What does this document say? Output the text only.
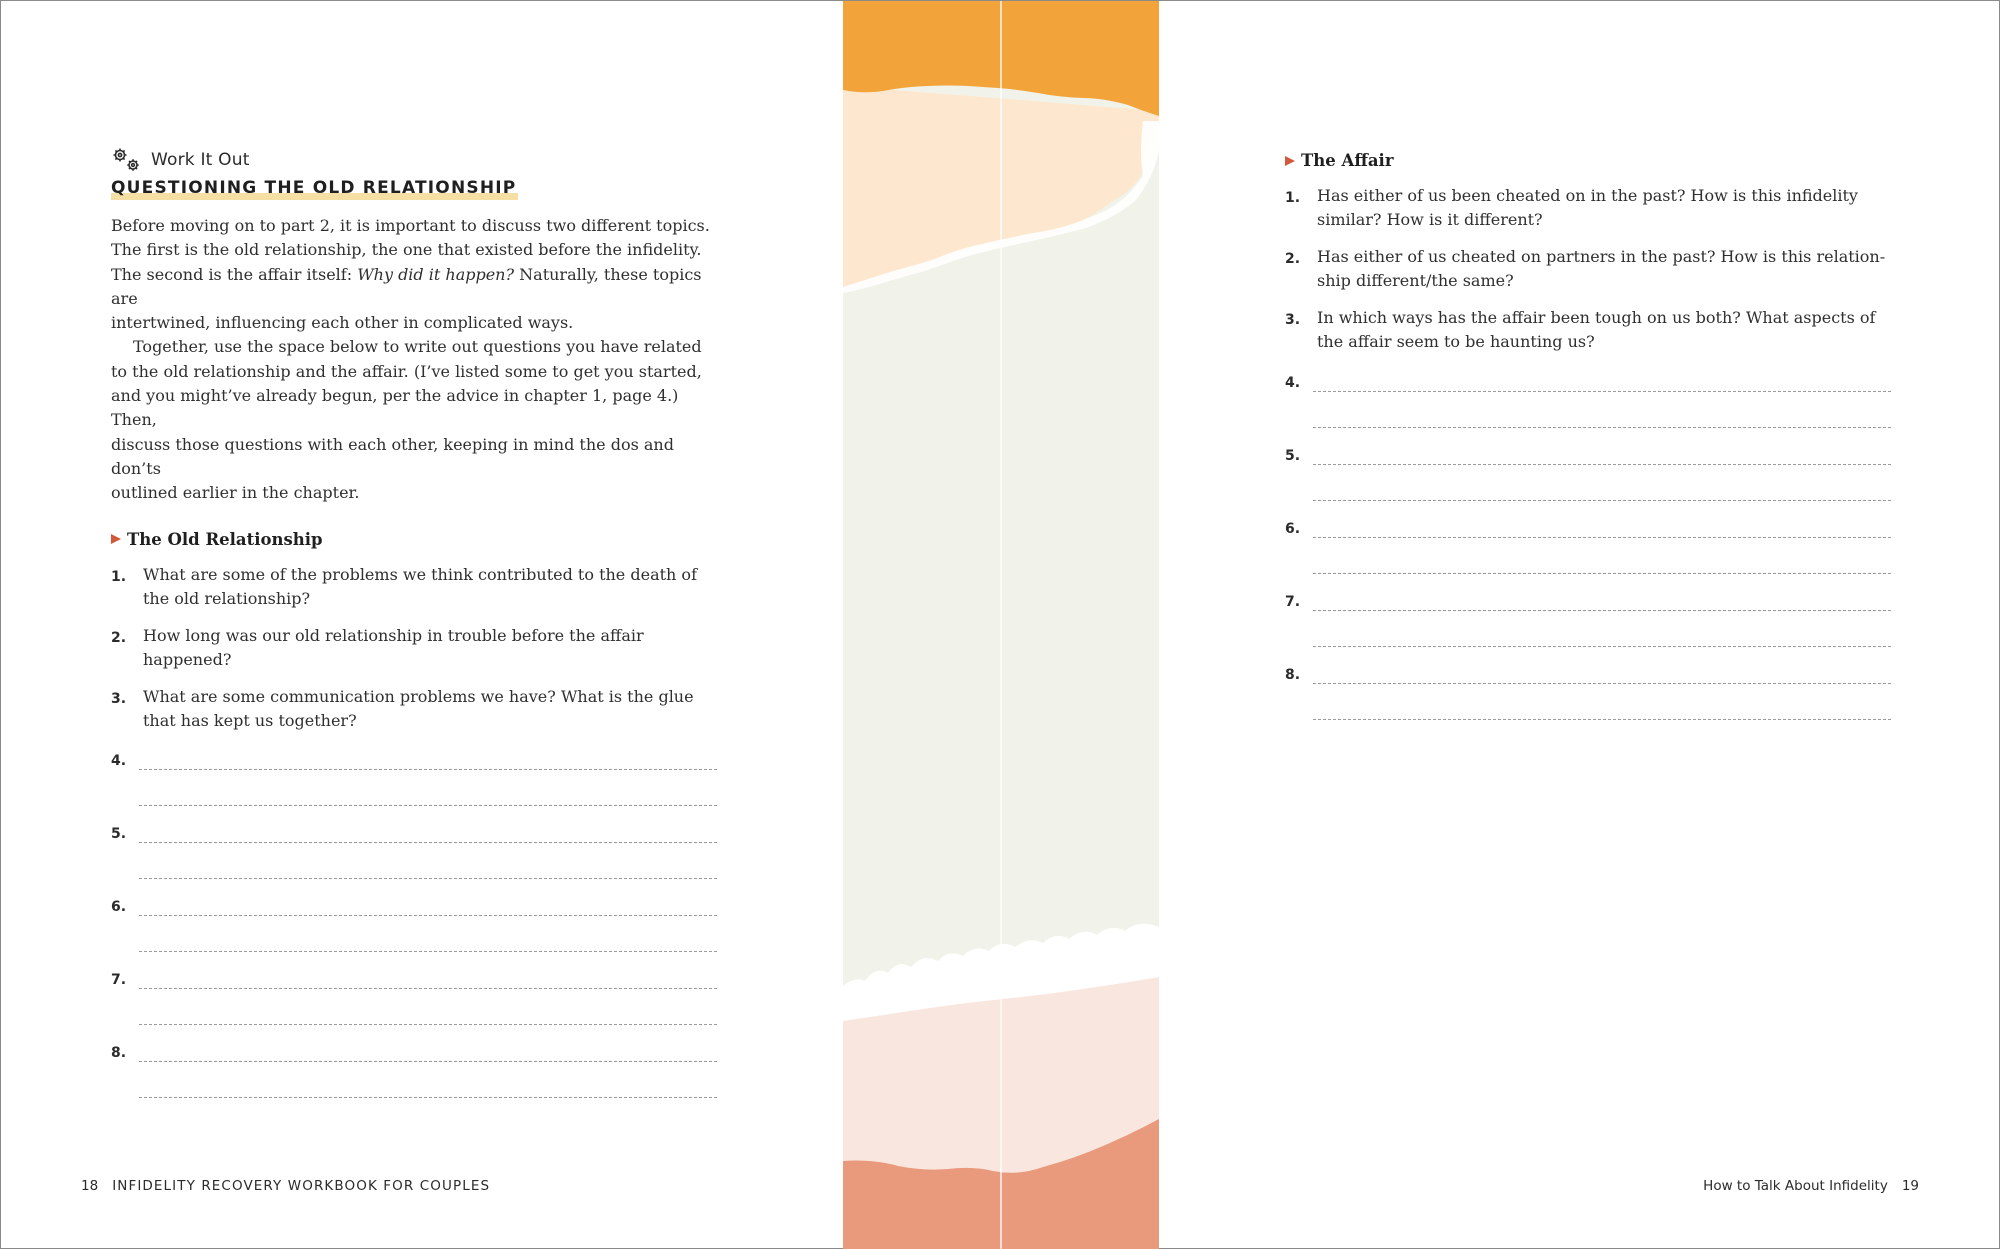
Work It Out
QUESTIONING THE OLD RELATIONSHIP

Before moving on to part 2, it is important to discuss two different topics.
The first is the old relationship, the one that existed before the infidelity.
The second is the affair itself: Why did it happen? Naturally, these topics are
intertwined, influencing each other in complicated ways.

Together, use the space below to write out questions you have related
to the old relationship and the affair. (I’ve listed some to get you started,
and you might’ve already begun, per the advice in chapter 1, page 4.) Then,
discuss those questions with each other, keeping in mind the dos and don’ts
outlined earlier in the chapter.

The Old Relationship
1.	What are some of the problems we think contributed to the death of
the old relationship?
2.	How long was our old relationship in trouble before the affair
happened?
3.	What are some communication problems we have? What is the glue
that has kept us together?
4.
5.
6.
7.
8.
18 INFIDELITY RECOVERY WORKBOOK FOR COUPLES
The Affair
1.	Has either of us been cheated on in the past? How is this infidelity
similar? How is it different?
2.	Has either of us cheated on partners in the past? How is this relation-
ship different/the same?
3.	In which ways has the affair been tough on us both? What aspects of
the affair seem to be haunting us?
4.
5.
6.
7.
8.
How to Talk About Infidelity 19
